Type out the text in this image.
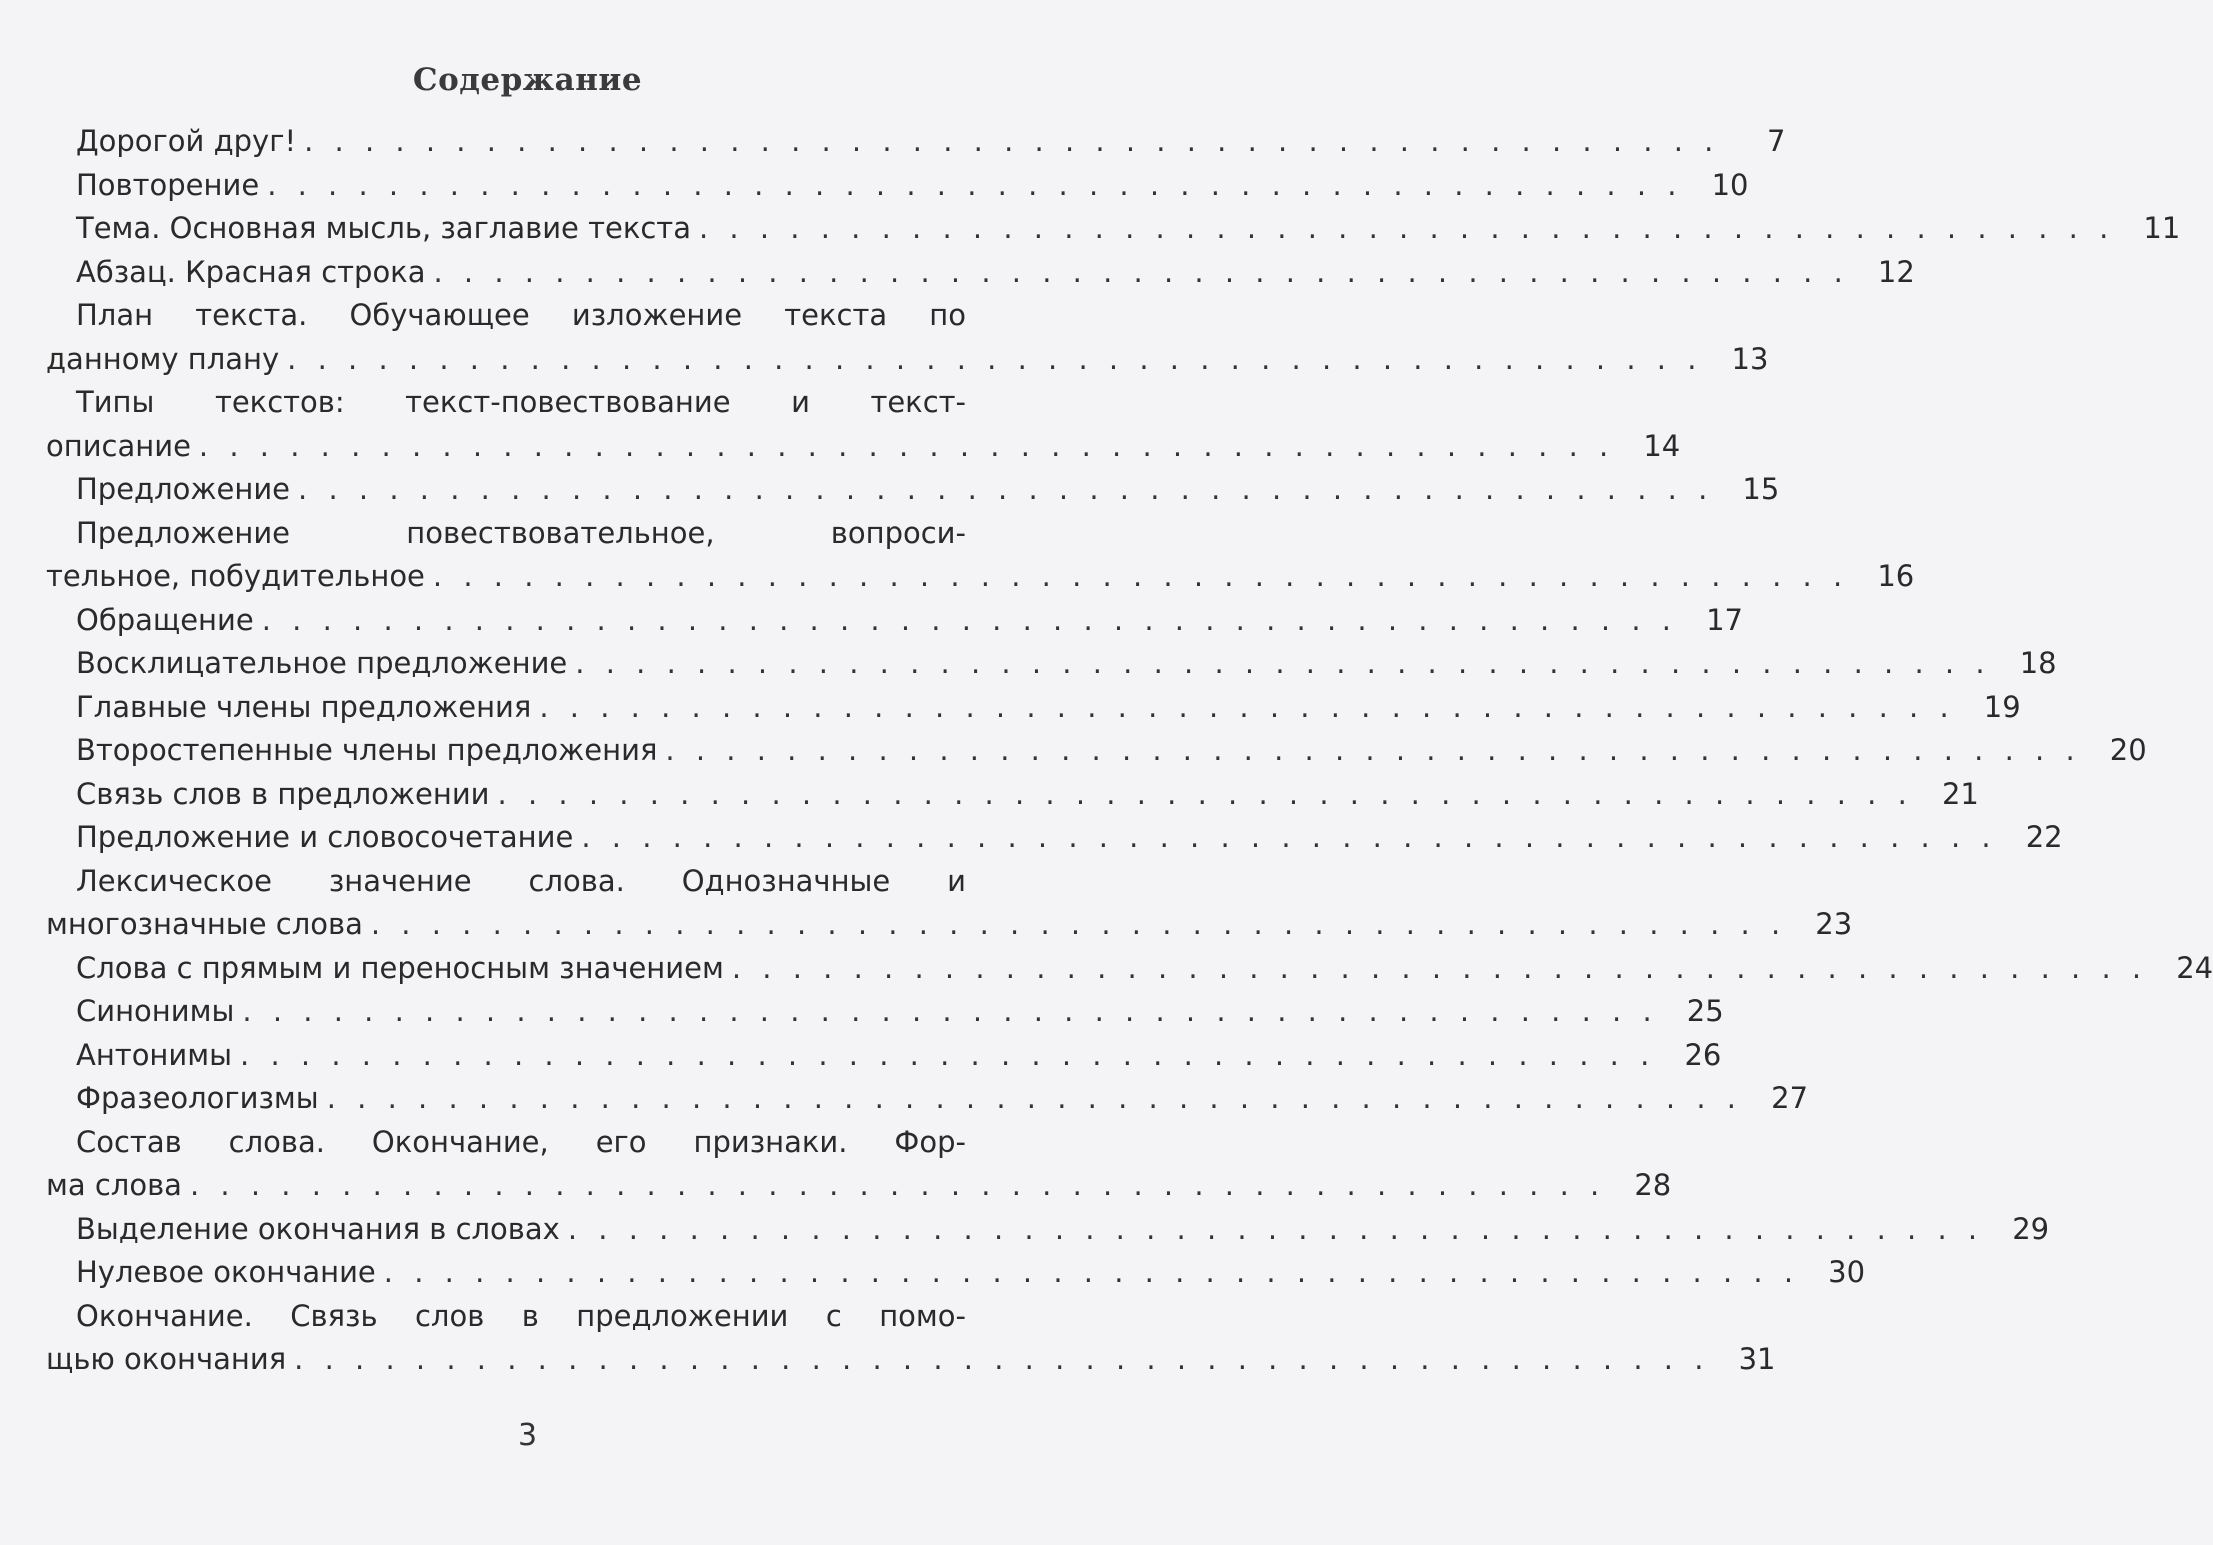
Содержание
Дорогой друг! . . . . . . . . . . . . . . . . . . . . . . . . . . . . . . . . . . . . . . . . . . . . . . .	7
Повторение . . . . . . . . . . . . . . . . . . . . . . . . . . . . . . . . . . . . . . . . . . . . . . .	10
Тема. Основная мысль, заглавие текста . . . . . . . . . . . . . . . . . . . . . . . . . . . . . . . . . . . . . . . . . . . . . . .	11
Абзац. Красная строка . . . . . . . . . . . . . . . . . . . . . . . . . . . . . . . . . . . . . . . . . . . . . . .	12
План текста. Обучающее изложение текста по
данному плану . . . . . . . . . . . . . . . . . . . . . . . . . . . . . . . . . . . . . . . . . . . . . . .	13
Типы текстов: текст-повествование и текст-
описание . . . . . . . . . . . . . . . . . . . . . . . . . . . . . . . . . . . . . . . . . . . . . . .	14
Предложение . . . . . . . . . . . . . . . . . . . . . . . . . . . . . . . . . . . . . . . . . . . . . . .	15
Предложение повествовательное, вопроси-
тельное, побудительное . . . . . . . . . . . . . . . . . . . . . . . . . . . . . . . . . . . . . . . . . . . . . . .	16
Обращение . . . . . . . . . . . . . . . . . . . . . . . . . . . . . . . . . . . . . . . . . . . . . . .	17
Восклицательное предложение . . . . . . . . . . . . . . . . . . . . . . . . . . . . . . . . . . . . . . . . . . . . . . .	18
Главные члены предложения . . . . . . . . . . . . . . . . . . . . . . . . . . . . . . . . . . . . . . . . . . . . . . .	19
Второстепенные члены предложения . . . . . . . . . . . . . . . . . . . . . . . . . . . . . . . . . . . . . . . . . . . . . . .	20
Связь слов в предложении . . . . . . . . . . . . . . . . . . . . . . . . . . . . . . . . . . . . . . . . . . . . . . .	21
Предложение и словосочетание . . . . . . . . . . . . . . . . . . . . . . . . . . . . . . . . . . . . . . . . . . . . . . .	22
Лексическое значение слова. Однозначные и
многозначные слова . . . . . . . . . . . . . . . . . . . . . . . . . . . . . . . . . . . . . . . . . . . . . . .	23
Слова с прямым и переносным значением . . . . . . . . . . . . . . . . . . . . . . . . . . . . . . . . . . . . . . . . . . . . . . .	24
Синонимы . . . . . . . . . . . . . . . . . . . . . . . . . . . . . . . . . . . . . . . . . . . . . . .	25
Антонимы . . . . . . . . . . . . . . . . . . . . . . . . . . . . . . . . . . . . . . . . . . . . . . .	26
Фразеологизмы . . . . . . . . . . . . . . . . . . . . . . . . . . . . . . . . . . . . . . . . . . . . . . .	27
Состав слова. Окончание, его признаки. Фор-
ма слова . . . . . . . . . . . . . . . . . . . . . . . . . . . . . . . . . . . . . . . . . . . . . . .	28
Выделение окончания в словах . . . . . . . . . . . . . . . . . . . . . . . . . . . . . . . . . . . . . . . . . . . . . . .	29
Нулевое окончание . . . . . . . . . . . . . . . . . . . . . . . . . . . . . . . . . . . . . . . . . . . . . . .	30
Окончание. Связь слов в предложении с помо-
щью окончания . . . . . . . . . . . . . . . . . . . . . . . . . . . . . . . . . . . . . . . . . . . . . . .	31
3
